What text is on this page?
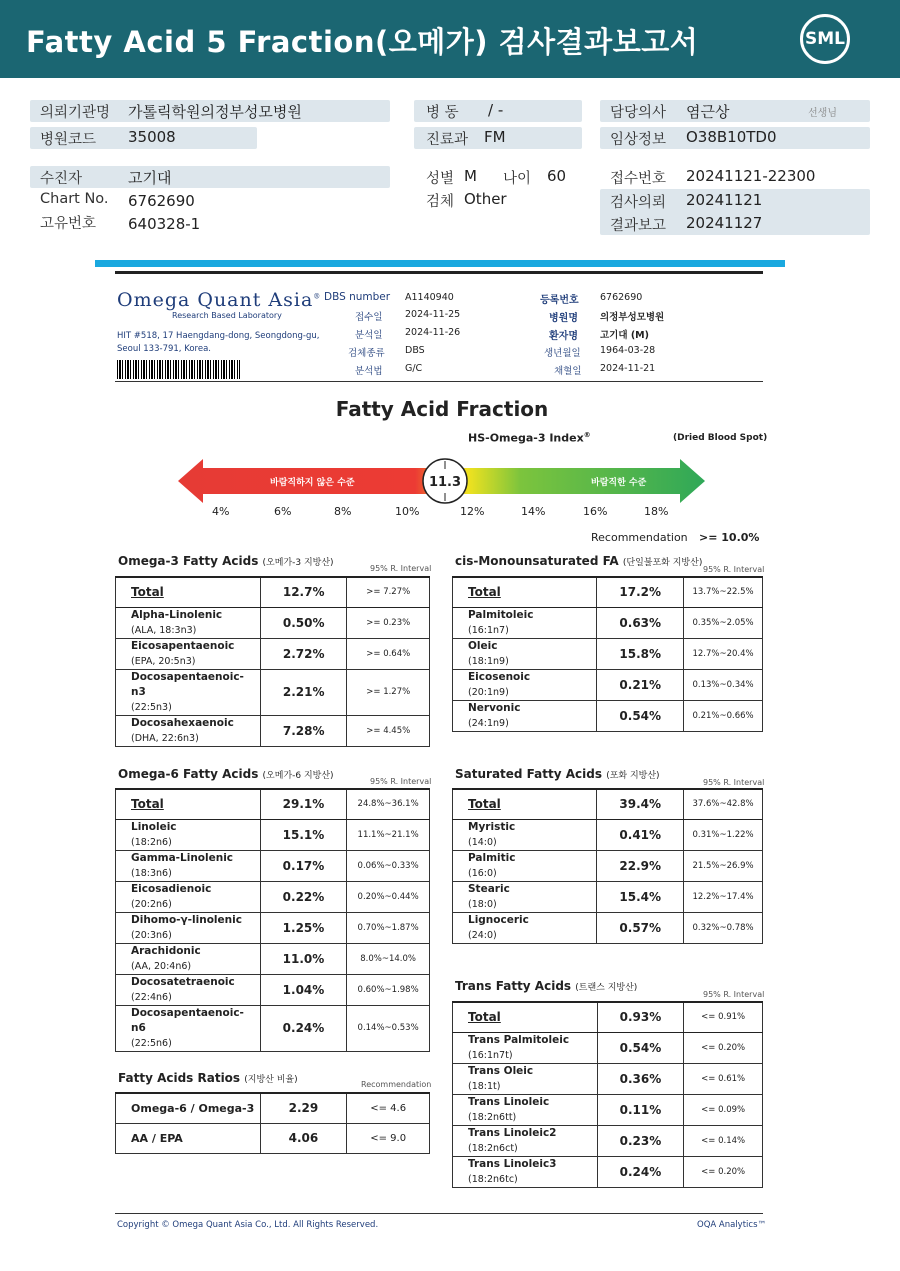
Fatty Acid 5 Fraction(오메가) 검사결과보고서	SML
의뢰기관명 가톨릭학원의정부성모병원
병원코드 35008
병 동 / -
진료과 FM
담당의사 염근상	선생님
임상정보 O38B10TD0
수진자	고기대
Chart No. 6762690
고유번호 640328-1
성별 M 나이 60
검체 Other
접수번호 20241121-22300
검사의뢰 20241121
결과보고 20241127
Omega Quant Asia®
Research Based Laboratory
HIT #518, 17 Haengdang-dong, Seongdong-gu,
Seoul 133-791, Korea.
DBS number A1140940
접수일 2024-11-25
분석일 2024-11-26
검체종류 DBS
분석법 G/C
등록번호 6762690
병원명 의정부성모병원
환자명 고기대 (M)
생년월일 1964-03-28
채혈일 2024-11-21
Fatty Acid Fraction
HS-Omega-3 Index®	(Dried Blood Spot)
바람직하지 않은 수준	바람직한 수준
11.3
4%	6%	8%	10%	12%	14%	16%	18%
Recommendation >= 10.0%
Omega-3 Fatty Acids (오메가-3 지방산)
95% R. Interval
Total	12.7%	>= 7.27%

Alpha-Linolenic
(ALA, 18:3n3)	0.50%	>= 0.23%

Eicosapentaenoic
(EPA, 20:5n3)	2.72%	>= 0.64%

Docosapentaenoic-n3
(22:5n3)	2.21%	>= 1.27%

Docosahexaenoic
(DHA, 22:6n3)	7.28%	>= 4.45%
cis-Monounsaturated FA (단일불포화 지방산)
95% R. Interval
Total	17.2%	13.7%~22.5%

Palmitoleic
(16:1n7)	0.63%	0.35%~2.05%

Oleic
(18:1n9)	15.8%	12.7%~20.4%

Eicosenoic
(20:1n9)	0.21%	0.13%~0.34%

Nervonic
(24:1n9)	0.54%	0.21%~0.66%
Omega-6 Fatty Acids (오메가-6 지방산)
95% R. Interval
Total	29.1%	24.8%~36.1%

Linoleic
(18:2n6)	15.1%	11.1%~21.1%

Gamma-Linolenic
(18:3n6)	0.17%	0.06%~0.33%

Eicosadienoic
(20:2n6)	0.22%	0.20%~0.44%

Dihomo-γ-linolenic
(20:3n6)	1.25%	0.70%~1.87%

Arachidonic
(AA, 20:4n6)	11.0%	8.0%~14.0%

Docosatetraenoic
(22:4n6)	1.04%	0.60%~1.98%

Docosapentaenoic-n6
(22:5n6)	0.24%	0.14%~0.53%
Saturated Fatty Acids (포화 지방산)
95% R. Interval
Total	39.4%	37.6%~42.8%

Myristic
(14:0)	0.41%	0.31%~1.22%

Palmitic
(16:0)	22.9%	21.5%~26.9%

Stearic
(18:0)	15.4%	12.2%~17.4%

Lignoceric
(24:0)	0.57%	0.32%~0.78%
Trans Fatty Acids (트랜스 지방산)
95% R. Interval
Total	0.93%	<= 0.91%

Trans Palmitoleic
(16:1n7t)	0.54%	<= 0.20%

Trans Oleic
(18:1t)	0.36%	<= 0.61%

Trans Linoleic
(18:2n6tt)	0.11%	<= 0.09%

Trans Linoleic2
(18:2n6ct)	0.23%	<= 0.14%

Trans Linoleic3
(18:2n6tc)	0.24%	<= 0.20%
Fatty Acids Ratios (지방산 비율)	Recommendation
Omega-6 / Omega-3	2.29	<= 4.6
AA / EPA	4.06	<= 9.0
Copyright © Omega Quant Asia Co., Ltd. All Rights Reserved.	OQA Analytics™
